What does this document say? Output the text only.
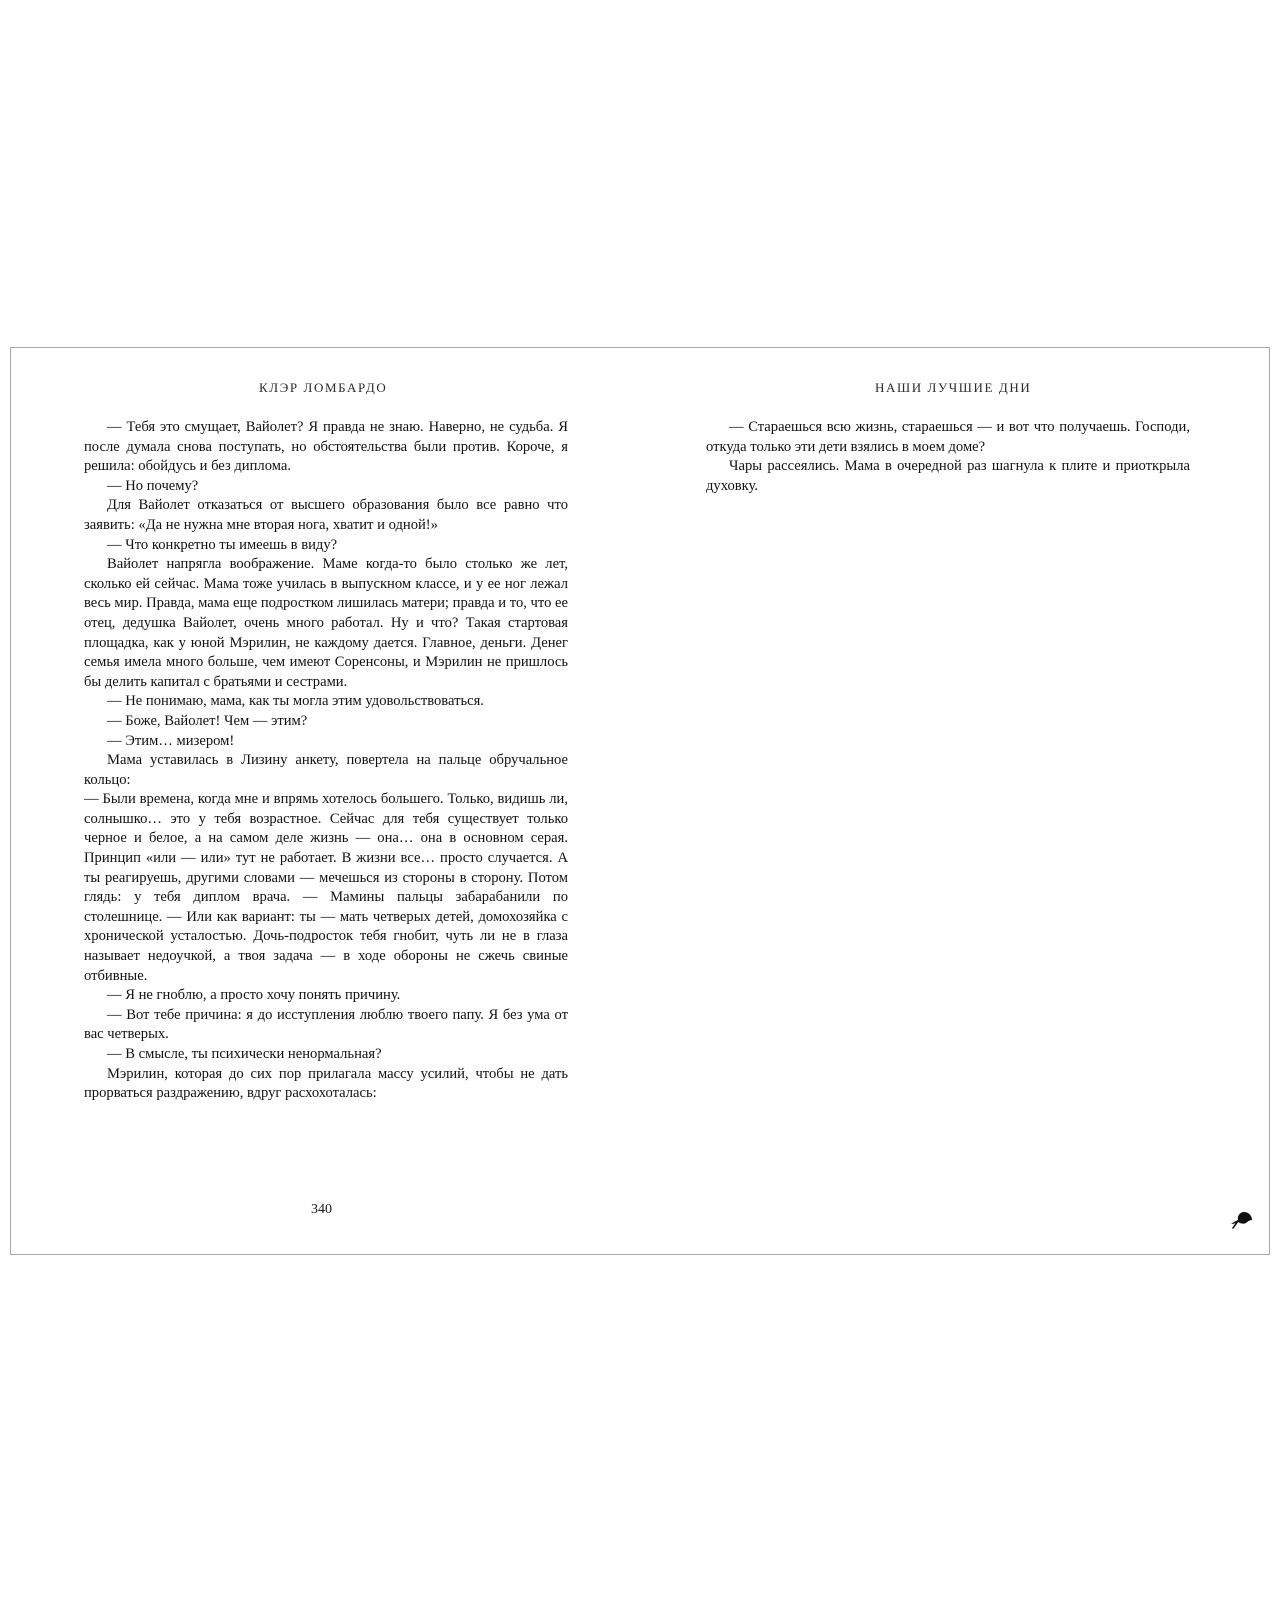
КЛЭР ЛОМБАРДО	НАШИ ЛУЧШИЕ ДНИ

— Тебя это смущает, Вайолет? Я правда не знаю. Наверно, не судьба. Я после думала снова поступать, но обстоятельства были против. Короче, я решила: обойдусь и без диплома.

— Но почему?

Для Вайолет отказаться от высшего образования было все равно что заявить: «Да не нужна мне вторая нога, хватит и одной!»

— Что конкретно ты имеешь в виду?

Вайолет напрягла воображение. Маме когда-то было столько же лет, сколько ей сейчас. Мама тоже училась в выпускном классе, и у ее ног лежал весь мир. Правда, мама еще подростком лишилась матери; правда и то, что ее отец, дедушка Вайолет, очень много работал. Ну и что? Такая стартовая площадка, как у юной Мэрилин, не каждому дается. Главное, деньги. Денег семья имела много больше, чем имеют Соренсоны, и Мэрилин не пришлось бы делить капитал с братьями и сестрами.

— Не понимаю, мама, как ты могла этим удовольствоваться.

— Боже, Вайолет! Чем — этим?

— Этим… мизером!

Мама уставилась в Лизину анкету, повертела на пальце обручальное кольцо:

— Были времена, когда мне и впрямь хотелось большего. Только, видишь ли, солнышко… это у тебя возрастное. Сейчас для тебя существует только черное и белое, а на самом деле жизнь — она… она в основном серая. Принцип «или — или» тут не работает. В жизни все… просто случается. А ты реагируешь, другими словами — мечешься из стороны в сторону. Потом глядь: у тебя диплом врача. — Мамины пальцы забарабанили по столешнице. — Или как вариант: ты — мать четверых детей, домохозяйка с хронической усталостью. Дочь-подросток тебя гнобит, чуть ли не в глаза называет недоучкой, а твоя задача — в ходе обороны не сжечь свиные отбивные.

— Я не гноблю, а просто хочу понять причину.

— Вот тебе причина: я до исступления люблю твоего папу. Я без ума от вас четверых.

— В смысле, ты психически ненормальная?

Мэрилин, которая до сих пор прилагала массу усилий, чтобы не дать прорваться раздражению, вдруг расхохоталась:

— Стараешься всю жизнь, стараешься — и вот что получаешь. Господи, откуда только эти дети взялись в моем доме?

Чары рассеялись. Мама в очередной раз шагнула к плите и приоткрыла духовку.

340
